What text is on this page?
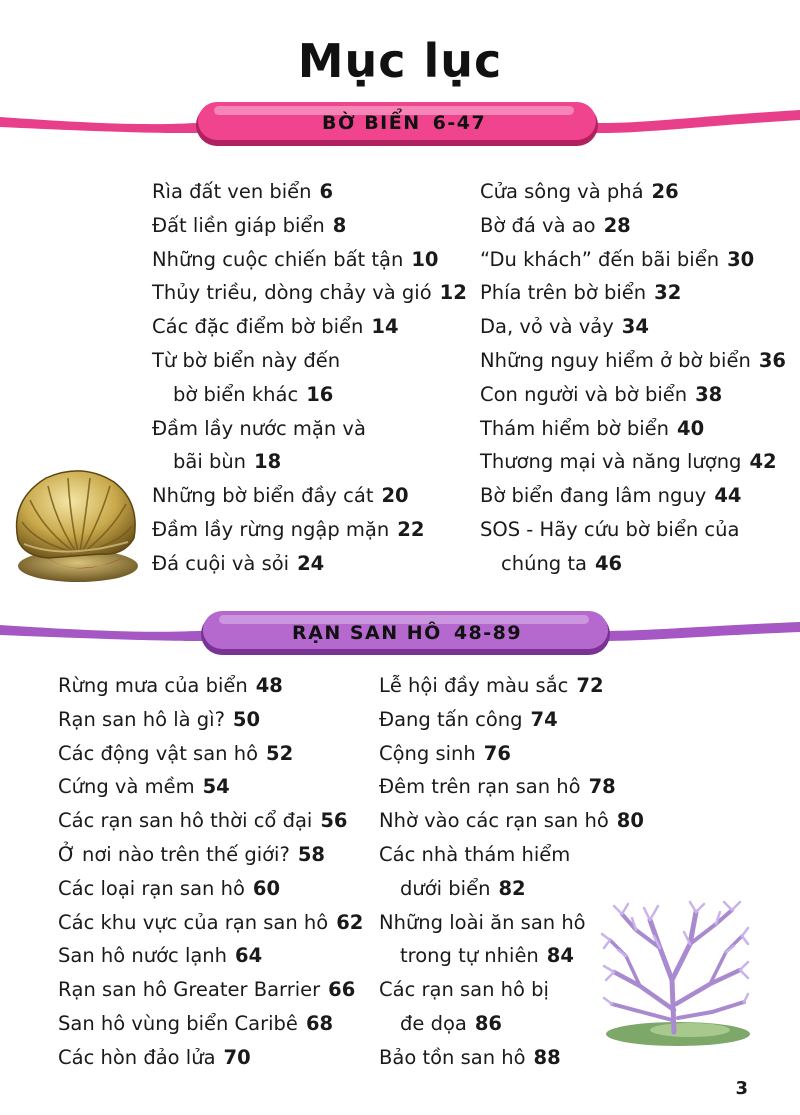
Mục lục
BỜ BIỂN 6-47
Rìa đất ven biển 6
Đất liền giáp biển 8
Những cuộc chiến bất tận 10
Thủy triều, dòng chảy và gió 12
Các đặc điểm bờ biển 14
Từ bờ biển này đến
bờ biển khác 16
Đầm lầy nước mặn và
bãi bùn 18
Những bờ biển đầy cát 20
Đầm lầy rừng ngập mặn 22
Đá cuội và sỏi 24
Cửa sông và phá 26
Bờ đá và ao 28
“Du khách” đến bãi biển 30
Phía trên bờ biển 32
Da, vỏ và vảy 34
Những nguy hiểm ở bờ biển 36
Con người và bờ biển 38
Thám hiểm bờ biển 40
Thương mại và năng lượng 42
Bờ biển đang lâm nguy 44
SOS - Hãy cứu bờ biển của
chúng ta 46
RẠN SAN HÔ 48-89
Rừng mưa của biển 48
Rạn san hô là gì? 50
Các động vật san hô 52
Cứng và mềm 54
Các rạn san hô thời cổ đại 56
Ở nơi nào trên thế giới? 58
Các loại rạn san hô 60
Các khu vực của rạn san hô 62
San hô nước lạnh 64
Rạn san hô Greater Barrier 66
San hô vùng biển Caribê 68
Các hòn đảo lửa 70
Lễ hội đầy màu sắc 72
Đang tấn công 74
Cộng sinh 76
Đêm trên rạn san hô 78
Nhờ vào các rạn san hô 80
Các nhà thám hiểm
dưới biển 82
Những loài ăn san hô
trong tự nhiên 84
Các rạn san hô bị
đe dọa 86
Bảo tồn san hô 88
3
